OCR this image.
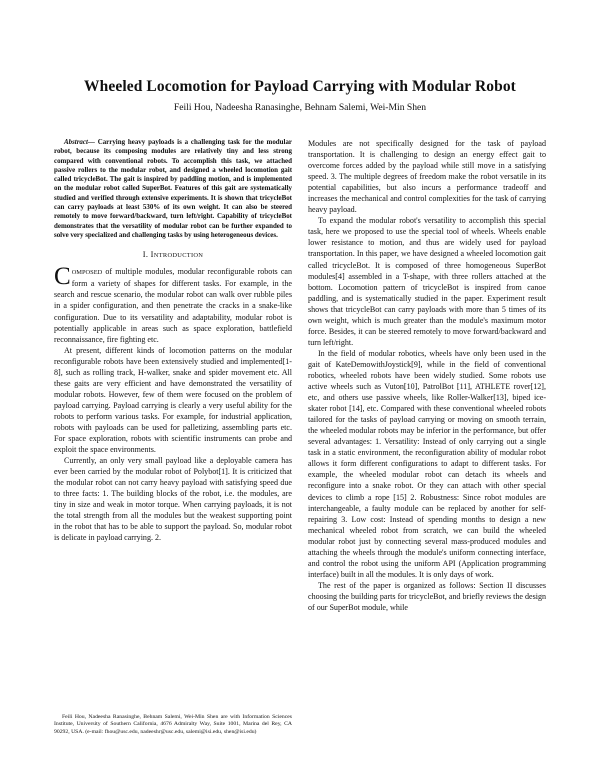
Wheeled Locomotion for Payload Carrying with Modular Robot
Feili Hou, Nadeesha Ranasinghe, Behnam Salemi, Wei-Min Shen

Abstract— Carrying heavy payloads is a challenging task for the modular robot, because its composing modules are relatively tiny and less strong compared with conventional robots. To accomplish this task, we attached passive rollers to the modular robot, and designed a wheeled locomotion gait called tricycleBot. The gait is inspired by paddling motion, and is implemented on the modular robot called SuperBot. Features of this gait are systematically studied and verified through extensive experiments. It is shown that tricycleBot can carry payloads at least 530% of its own weight. It can also be steered remotely to move forward/backward, turn left/right. Capability of tricycleBot demonstrates that the versatility of modular robot can be further expanded to solve very specialized and challenging tasks by using heterogeneous devices.

I. INTRODUCTION

COMPOSED of multiple modules, modular reconfigurable robots can form a variety of shapes for different tasks. For example, in the search and rescue scenario, the modular robot can walk over rubble piles in a spider configuration, and then penetrate the cracks in a snake-like configuration. Due to its versatility and adaptability, modular robot is potentially applicable in areas such as space exploration, battlefield reconnaissance, fire fighting etc.

At present, different kinds of locomotion patterns on the modular reconfigurable robots have been extensively studied and implemented[1-8], such as rolling track, H-walker, snake and spider movement etc. All these gaits are very efficient and have demonstrated the versatility of modular robots. However, few of them were focused on the problem of payload carrying. Payload carrying is clearly a very useful ability for the robots to perform various tasks. For example, for industrial application, robots with payloads can be used for palletizing, assembling parts etc. For space exploration, robots with scientific instruments can probe and exploit the space environments.

Currently, an only very small payload like a deployable camera has ever been carried by the modular robot of Polybot[1]. It is criticized that the modular robot can not carry heavy payload with satisfying speed due to three facts: 1. The building blocks of the robot, i.e. the modules, are tiny in size and weak in motor torque. When carrying payloads, it is not the total strength from all the modules but the weakest supporting point in the robot that has to be able to support the payload. So, modular robot is delicate in payload carrying. 2.

Modules are not specifically designed for the task of payload transportation. It is challenging to design an energy effect gait to overcome forces added by the payload while still move in a satisfying speed. 3. The multiple degrees of freedom make the robot versatile in its potential capabilities, but also incurs a performance tradeoff and increases the mechanical and control complexities for the task of carrying heavy payload.

To expand the modular robot's versatility to accomplish this special task, here we proposed to use the special tool of wheels. Wheels enable lower resistance to motion, and thus are widely used for payload transportation. In this paper, we have designed a wheeled locomotion gait called tricycleBot. It is composed of three homogeneous SuperBot modules[4] assembled in a T-shape, with three rollers attached at the bottom. Locomotion pattern of tricycleBot is inspired from canoe paddling, and is systematically studied in the paper. Experiment result shows that tricycleBot can carry payloads with more than 5 times of its own weight, which is much greater than the module's maximum motor force. Besides, it can be steered remotely to move forward/backward and turn left/right.

In the field of modular robotics, wheels have only been used in the gait of KateDemowithJoystick[9], while in the field of conventional robotics, wheeled robots have been widely studied. Some robots use active wheels such as Vuton[10], PatrolBot [11], ATHLETE rover[12], etc, and others use passive wheels, like Roller-Walker[13], biped ice-skater robot [14], etc. Compared with these conventional wheeled robots tailored for the tasks of payload carrying or moving on smooth terrain, the wheeled modular robots may be inferior in the performance, but offer several advantages: 1. Versatility: Instead of only carrying out a single task in a static environment, the reconfiguration ability of modular robot allows it form different configurations to adapt to different tasks. For example, the wheeled modular robot can detach its wheels and reconfigure into a snake robot. Or they can attach with other special devices to climb a rope [15] 2. Robustness: Since robot modules are interchangeable, a faulty module can be replaced by another for self-repairing 3. Low cost: Instead of spending months to design a new mechanical wheeled robot from scratch, we can build the wheeled modular robot just by connecting several mass-produced modules and attaching the wheels through the module's uniform connecting interface, and control the robot using the uniform API (Application programming interface) built in all the modules. It is only days of work.

The rest of the paper is organized as follows: Section II discusses choosing the building parts for tricycleBot, and briefly reviews the design of our SuperBot module, while

Feili Hou, Nadeesha Ranasinghe, Behnam Salemi, Wei-Min Shen are with Information Sciences Institute, University of Southern California, 4676 Admiralty Way, Suite 1001, Marina del Rey, CA 90292, USA. (e-mail: fhou@usc.edu, nadeeshr@usc.edu, salemi@isi.edu, shen@isi.edu)
